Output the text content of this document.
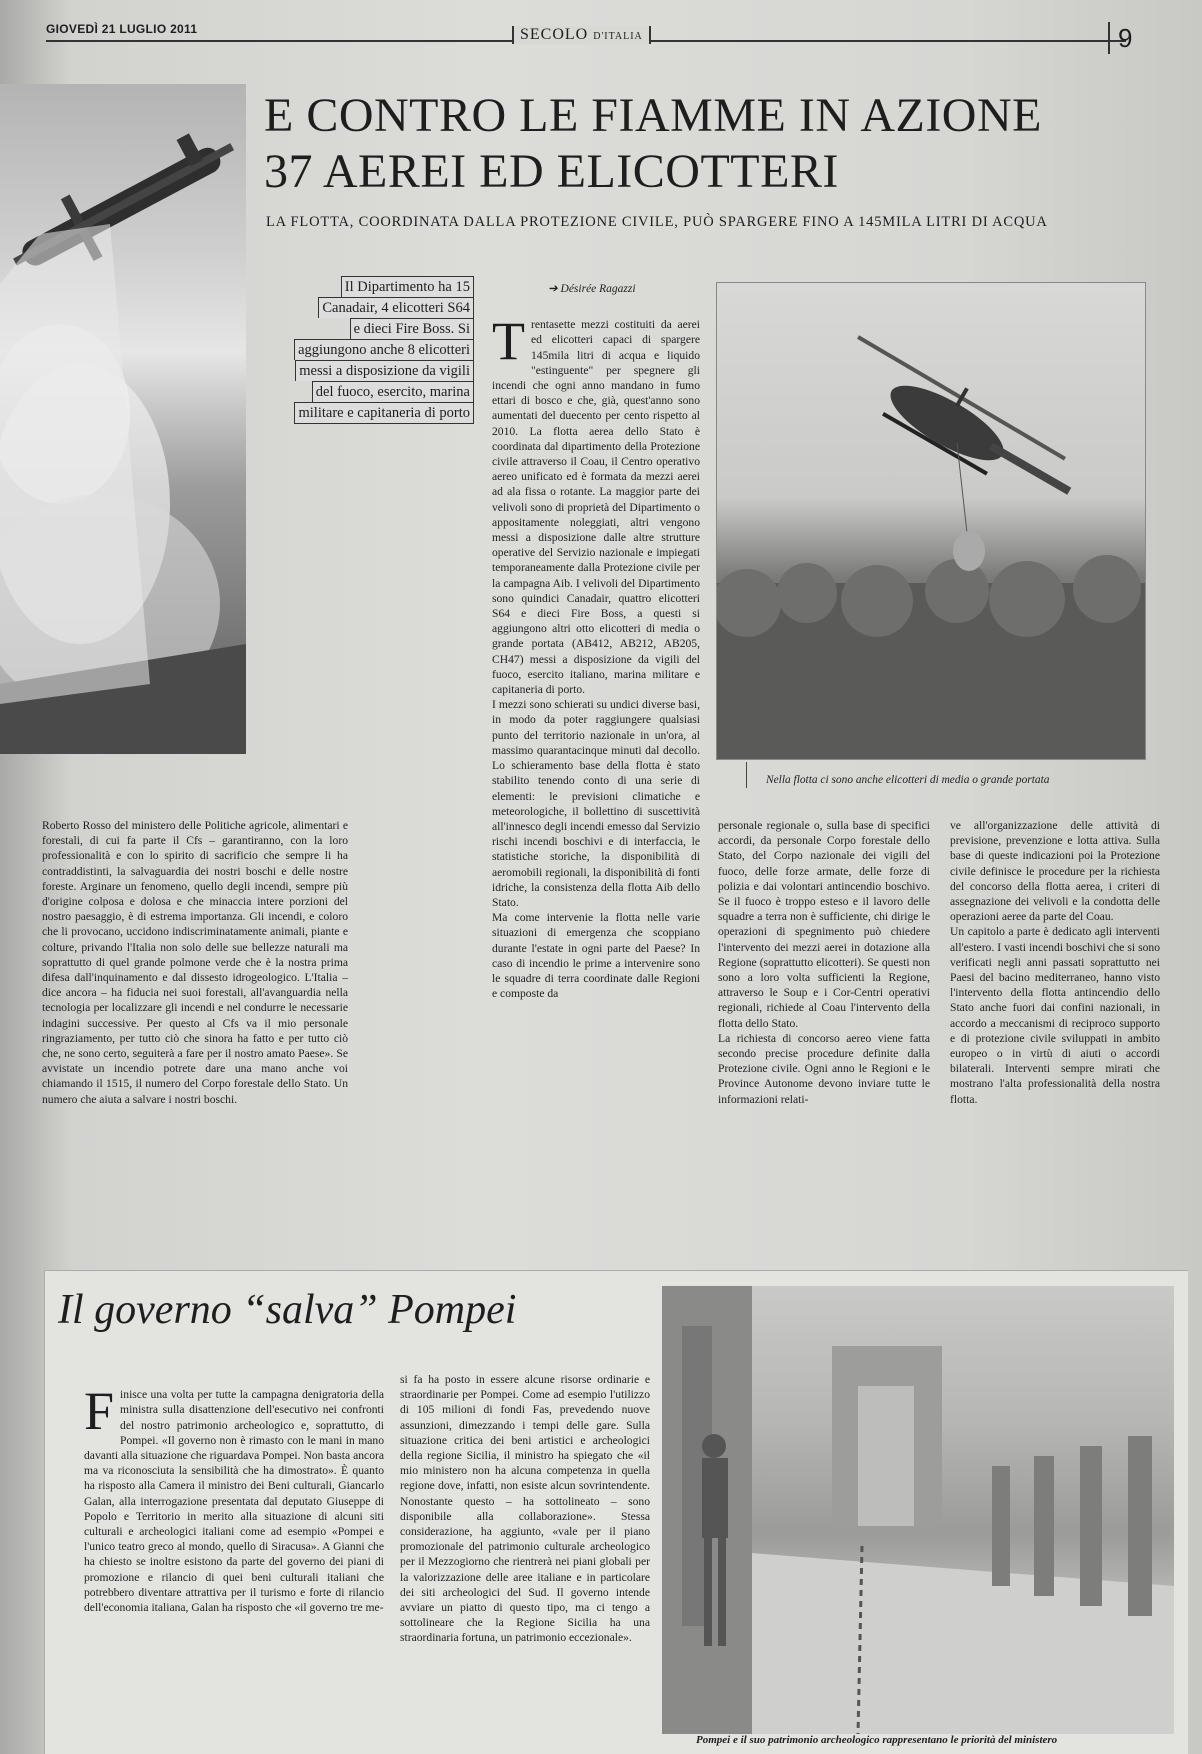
GIOVEDÌ 21 LUGLIO 2011	SECOLO D'ITALIA	9
E CONTRO LE FIAMME IN AZIONE
37 AEREI ED ELICOTTERI
LA FLOTTA, COORDINATA DALLA PROTEZIONE CIVILE, PUÒ SPARGERE FINO A 145MILA LITRI DI ACQUA
Il Dipartimento ha 15
Canadair, 4 elicotteri S64
e dieci Fire Boss. Si
aggiungono anche 8 elicotteri
messi a disposizione da vigili
del fuoco, esercito, marina
militare e capitaneria di porto
➔ Désirée Ragazzi

Trentasette mezzi costituiti da aerei ed elicotteri capaci di spargere 145mila litri di acqua e liquido "estinguente" per spegnere gli incendi che ogni anno mandano in fumo ettari di bosco e che, già, quest'anno sono aumentati del duecento per cento rispetto al 2010. La flotta aerea dello Stato è coordinata dal dipartimento della Protezione civile attraverso il Coau, il Centro operativo aereo unificato ed è formata da mezzi aerei ad ala fissa o rotante. La maggior parte dei velivoli sono di proprietà del Dipartimento o appositamente noleggiati, altri vengono messi a disposizione dalle altre strutture operative del Servizio nazionale e impiegati temporaneamente dalla Protezione civile per la campagna Aib. I velivoli del Dipartimento sono quindici Canadair, quattro elicotteri S64 e dieci Fire Boss, a questi si aggiungono altri otto elicotteri di media o grande portata (AB412, AB212, AB205, CH47) messi a disposizione da vigili del fuoco, esercito italiano, marina militare e capitaneria di porto.
I mezzi sono schierati su undici diverse basi, in modo da poter raggiungere qualsiasi punto del territorio nazionale in un'ora, al massimo quarantacinque minuti dal decollo. Lo schieramento base della flotta è stato stabilito tenendo conto di una serie di elementi: le previsioni climatiche e meteorologiche, il bollettino di suscettività all'innesco degli incendi emesso dal Servizio rischi incendi boschivi e di interfaccia, le statistiche storiche, la disponibilità di aeromobili regionali, la disponibilità di fonti idriche, la consistenza della flotta Aib dello Stato.
Ma come intervenie la flotta nelle varie situazioni di emergenza che scoppiano durante l'estate in ogni parte del Paese? In caso di incendio le prime a intervenire sono le squadre di terra coordinate dalle Regioni e composte da

Nella flotta ci sono anche elicotteri di media o grande portata
Roberto Rosso del ministero delle Politiche agricole, alimentari e forestali, di cui fa parte il Cfs – garantiranno, con la loro professionalità e con lo spirito di sacrificio che sempre li ha contraddistinti, la salvaguardia dei nostri boschi e delle nostre foreste. Arginare un fenomeno, quello degli incendi, sempre più d'origine colposa e dolosa e che minaccia intere porzioni del nostro paesaggio, è di estrema importanza. Gli incendi, e coloro che li provocano, uccidono indiscriminatamente animali, piante e colture, privando l'Italia non solo delle sue bellezze naturali ma soprattutto di quel grande polmone verde che è la nostra prima difesa dall'inquinamento e dal dissesto idrogeologico. L'Italia – dice ancora – ha fiducia nei suoi forestali, all'avanguardia nella tecnologia per localizzare gli incendi e nel condurre le necessarie indagini successive. Per questo al Cfs va il mio personale ringraziamento, per tutto ciò che sinora ha fatto e per tutto ciò che, ne sono certo, seguiterà a fare per il nostro amato Paese». Se avvistate un incendio potrete dare una mano anche voi chiamando il 1515, il numero del Corpo forestale dello Stato. Un numero che aiuta a salvare i nostri boschi.
personale regionale o, sulla base di specifici accordi, da personale Corpo forestale dello Stato, del Corpo nazionale dei vigili del fuoco, delle forze armate, delle forze di polizia e dai volontari antincendio boschivo. Se il fuoco è troppo esteso e il lavoro delle squadre a terra non è sufficiente, chi dirige le operazioni di spegnimento può chiedere l'intervento dei mezzi aerei in dotazione alla Regione (soprattutto elicotteri). Se questi non sono a loro volta sufficienti la Regione, attraverso le Soup e i Cor-Centri operativi regionali, richiede al Coau l'intervento della flotta dello Stato.
La richiesta di concorso aereo viene fatta secondo precise procedure definite dalla Protezione civile. Ogni anno le Regioni e le Province Autonome devono inviare tutte le informazioni relati-
ve all'organizzazione delle attività di previsione, prevenzione e lotta attiva. Sulla base di queste indicazioni poi la Protezione civile definisce le procedure per la richiesta del concorso della flotta aerea, i criteri di assegnazione dei velivoli e la condotta delle operazioni aeree da parte del Coau.
Un capitolo a parte è dedicato agli interventi all'estero. I vasti incendi boschivi che si sono verificati negli anni passati soprattutto nei Paesi del bacino mediterraneo, hanno visto l'intervento della flotta antincendio dello Stato anche fuori dai confini nazionali, in accordo a meccanismi di reciproco supporto e di protezione civile sviluppati in ambito europeo o in virtù di aiuti o accordi bilaterali. Interventi sempre mirati che mostrano l'alta professionalità della nostra flotta.
Il governo “salva” Pompei

Finisce una volta per tutte la campagna denigratoria della ministra sulla disattenzione dell'esecutivo nei confronti del nostro patrimonio archeologico e, soprattutto, di Pompei. «Il governo non è rimasto con le mani in mano davanti alla situazione che riguardava Pompei. Non basta ancora ma va riconosciuta la sensibilità che ha dimostrato». È quanto ha risposto alla Camera il ministro dei Beni culturali, Giancarlo Galan, alla interrogazione presentata dal deputato Giuseppe di Popolo e Territorio in merito alla situazione di alcuni siti culturali e archeologici italiani come ad esempio «Pompei e l'unico teatro greco al mondo, quello di Siracusa». A Gianni che ha chiesto se inoltre esistono da parte del governo dei piani di promozione e rilancio di quei beni culturali italiani che potrebbero diventare attrattiva per il turismo e forte di rilancio dell'economia italiana, Galan ha risposto che «il governo tre me-

si fa ha posto in essere alcune risorse ordinarie e straordinarie per Pompei. Come ad esempio l'utilizzo di 105 milioni di fondi Fas, prevedendo nuove assunzioni, dimezzando i tempi delle gare. Sulla situazione critica dei beni artistici e archeologici della regione Sicilia, il ministro ha spiegato che «il mio ministero non ha alcuna competenza in quella regione dove, infatti, non esiste alcun sovrintendente. Nonostante questo – ha sottolineato – sono disponibile alla collaborazione». Stessa considerazione, ha aggiunto, «vale per il piano promozionale del patrimonio culturale archeologico per il Mezzogiorno che rientrerà nei piani globali per la valorizzazione delle aree italiane e in particolare dei siti archeologici del Sud. Il governo intende avviare un piatto di questo tipo, ma ci tengo a sottolineare che la Regione Sicilia ha una straordinaria fortuna, un patrimonio eccezionale».
Pompei e il suo patrimonio archeologico rappresentano le priorità del ministero
